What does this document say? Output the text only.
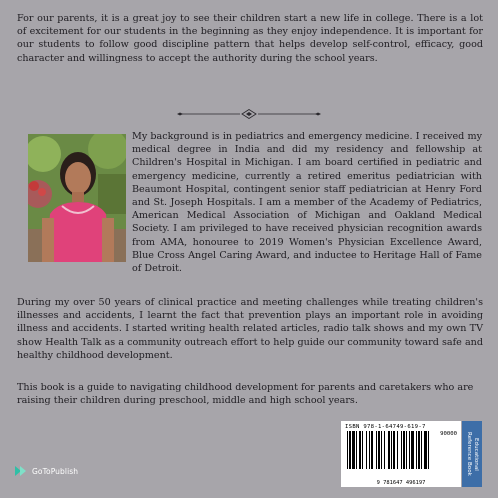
For our parents, it is a great joy to see their children start a new life in college. There is a lot of excitement for our students in the beginning as they enjoy independence. It is important for our students to follow good discipline pattern that helps develop self-control, efficacy, good character and willingness to accept the authority during the school years.

My background is in pediatrics and emergency medicine. I received my medical degree in India and did my residency and fellowship at Children's Hospital in Michigan. I am board certified in pediatric and emergency medicine, currently a retired emeritus pediatrician with Beaumont Hospital, contingent senior staff pediatrician at Henry Ford and St. Joseph Hospitals. I am a member of the Academy of Pediatrics, American Medical Association of Michigan and Oakland Medical Society. I am privileged to have received physician recognition awards from AMA, honouree to 2019 Women's Physician Excellence Award, Blue Cross Angel Caring Award, and inductee to Heritage Hall of Fame of Detroit.

During my over 50 years of clinical practice and meeting challenges while treating children's illnesses and accidents, I learnt the fact that prevention plays an important role in avoiding illness and accidents. I started writing health related articles, radio talk shows and my own TV show Health Talk as a community outreach effort to help guide our community toward safe and healthy childhood development.

This book is a guide to navigating childhood development for parents and caretakers who are raising their children during preschool, middle and high school years.

GoToPublish
ISBN 978-1-64749-619-7
90000
9 781647 496197
Educational
Reference Book
